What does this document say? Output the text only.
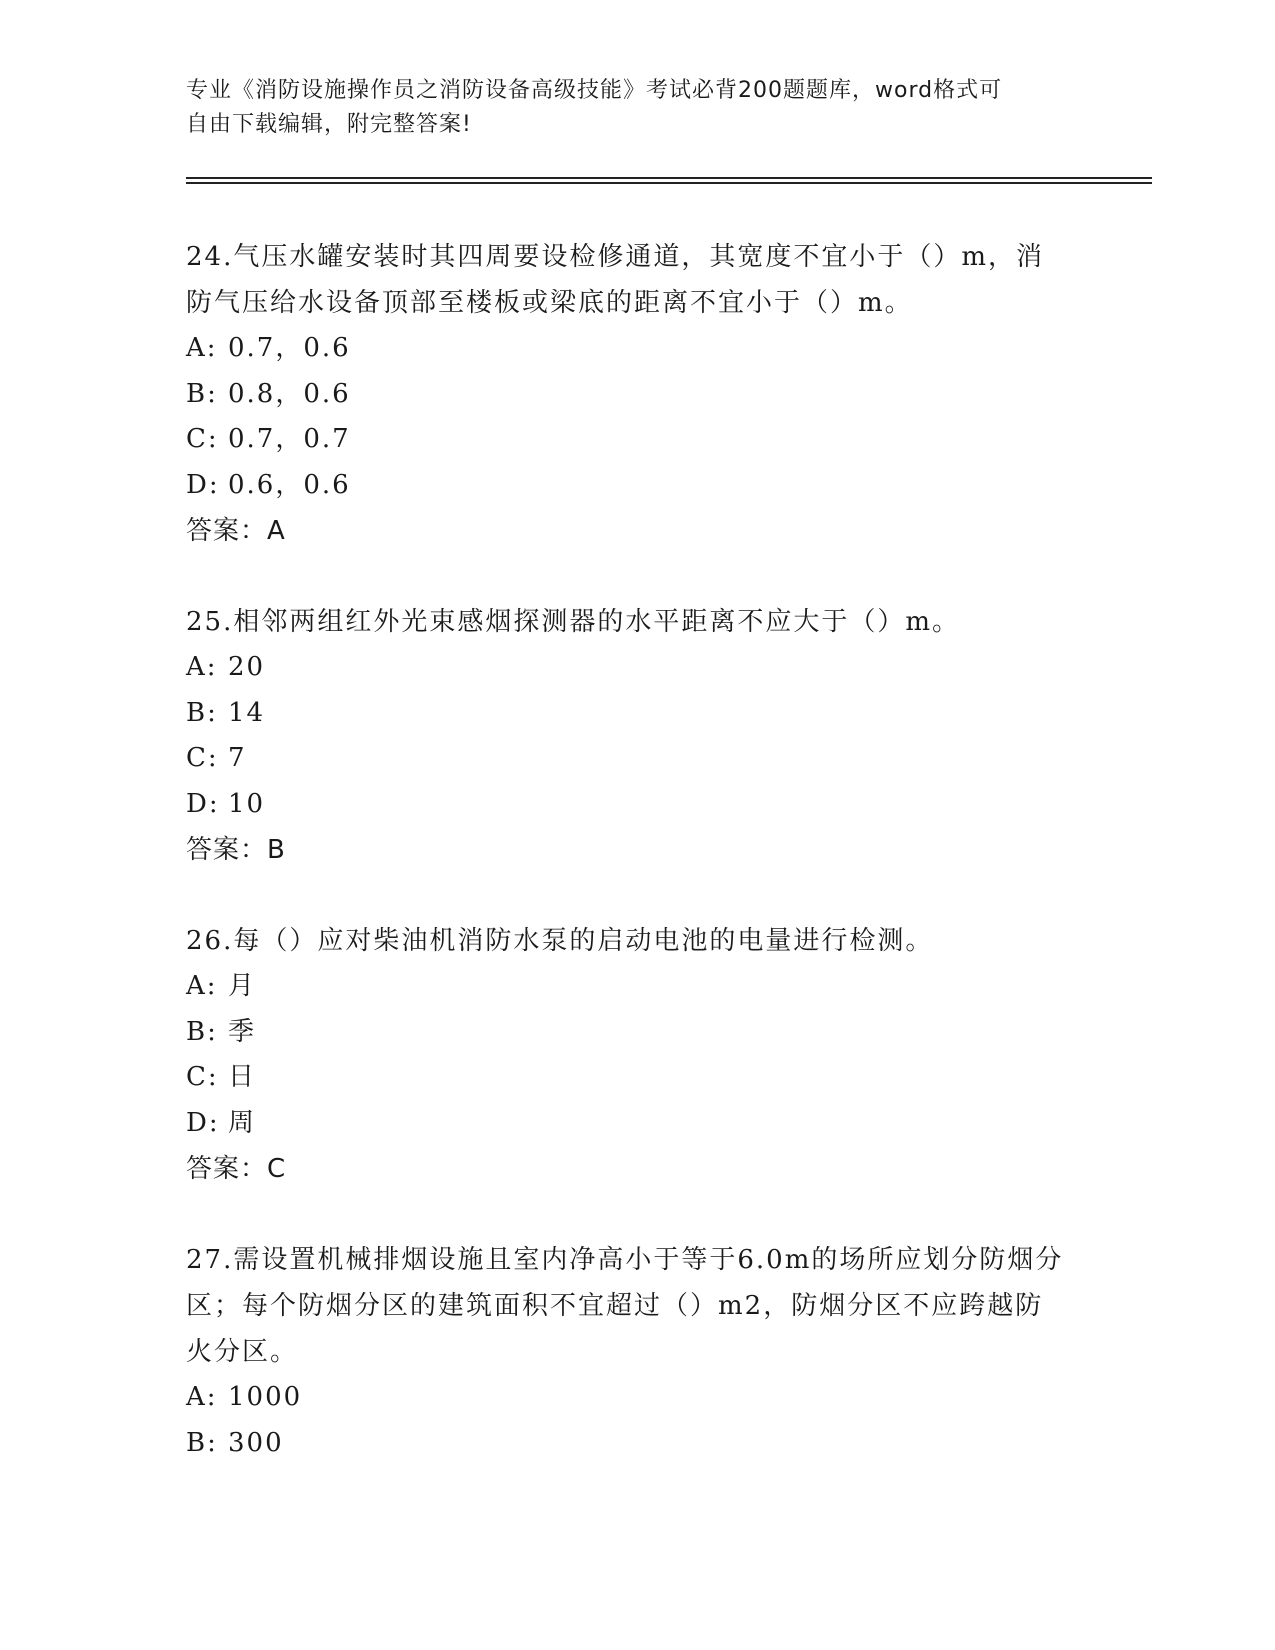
专业《消防设施操作员之消防设备高级技能》考试必背200题题库，word格式可
自由下载编辑，附完整答案!

24.气压水罐安装时其四周要设检修通道，其宽度不宜小于（）m，消防气压给水设备顶部至楼板或梁底的距离不宜小于（）m。

A: 0.7，0.6
B: 0.8，0.6
C: 0.7，0.7
D: 0.6，0.6
答案：A

25.相邻两组红外光束感烟探测器的水平距离不应大于（）m。

A: 20
B: 14
C: 7
D: 10
答案：B

26.每（）应对柴油机消防水泵的启动电池的电量进行检测。

A: 月
B: 季
C: 日
D: 周
答案：C

27.需设置机械排烟设施且室内净高小于等于6.0m的场所应划分防烟分区；每个防烟分区的建筑面积不宜超过（）m2，防烟分区不应跨越防火分区。

A: 1000
B: 300
